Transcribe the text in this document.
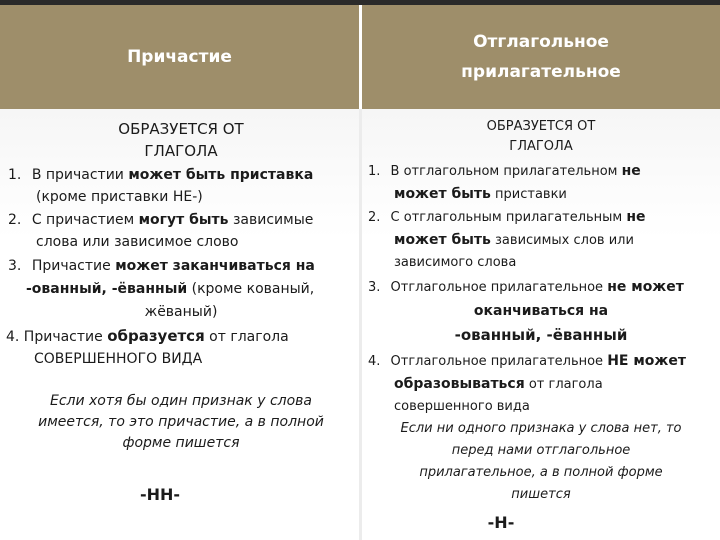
Причастие
Отглагольное
прилагательное
ОБРАЗУЕТСЯ ОТ
ГЛАГОЛА
1. В причастии может быть приставка
(кроме приставки НЕ-)
2. С причастием могут быть зависимые
слова или зависимое слово
3. Причастие может заканчиваться на
-ованный, -ёванный (кроме кованый,
жёваный)
4. Причастие образуется от глагола
СОВЕРШЕННОГО ВИДА
Если хотя бы один признак у слова
имеется, то это причастие, а в полной
форме пишется
-НН-
ОБРАЗУЕТСЯ ОТ
ГЛАГОЛА
1. В отглагольном прилагательном не
может быть приставки
2. С отглагольным прилагательным не
может быть зависимых слов или
зависимого слова
3. Отглагольное прилагательное не может
оканчиваться на
-ованный, -ёванный
4. Отглагольное прилагательное НЕ может
образовываться от глагола
совершенного вида
Если ни одного признака у слова нет, то
перед нами отглагольное
прилагательное, а в полной форме
пишется
-Н-
